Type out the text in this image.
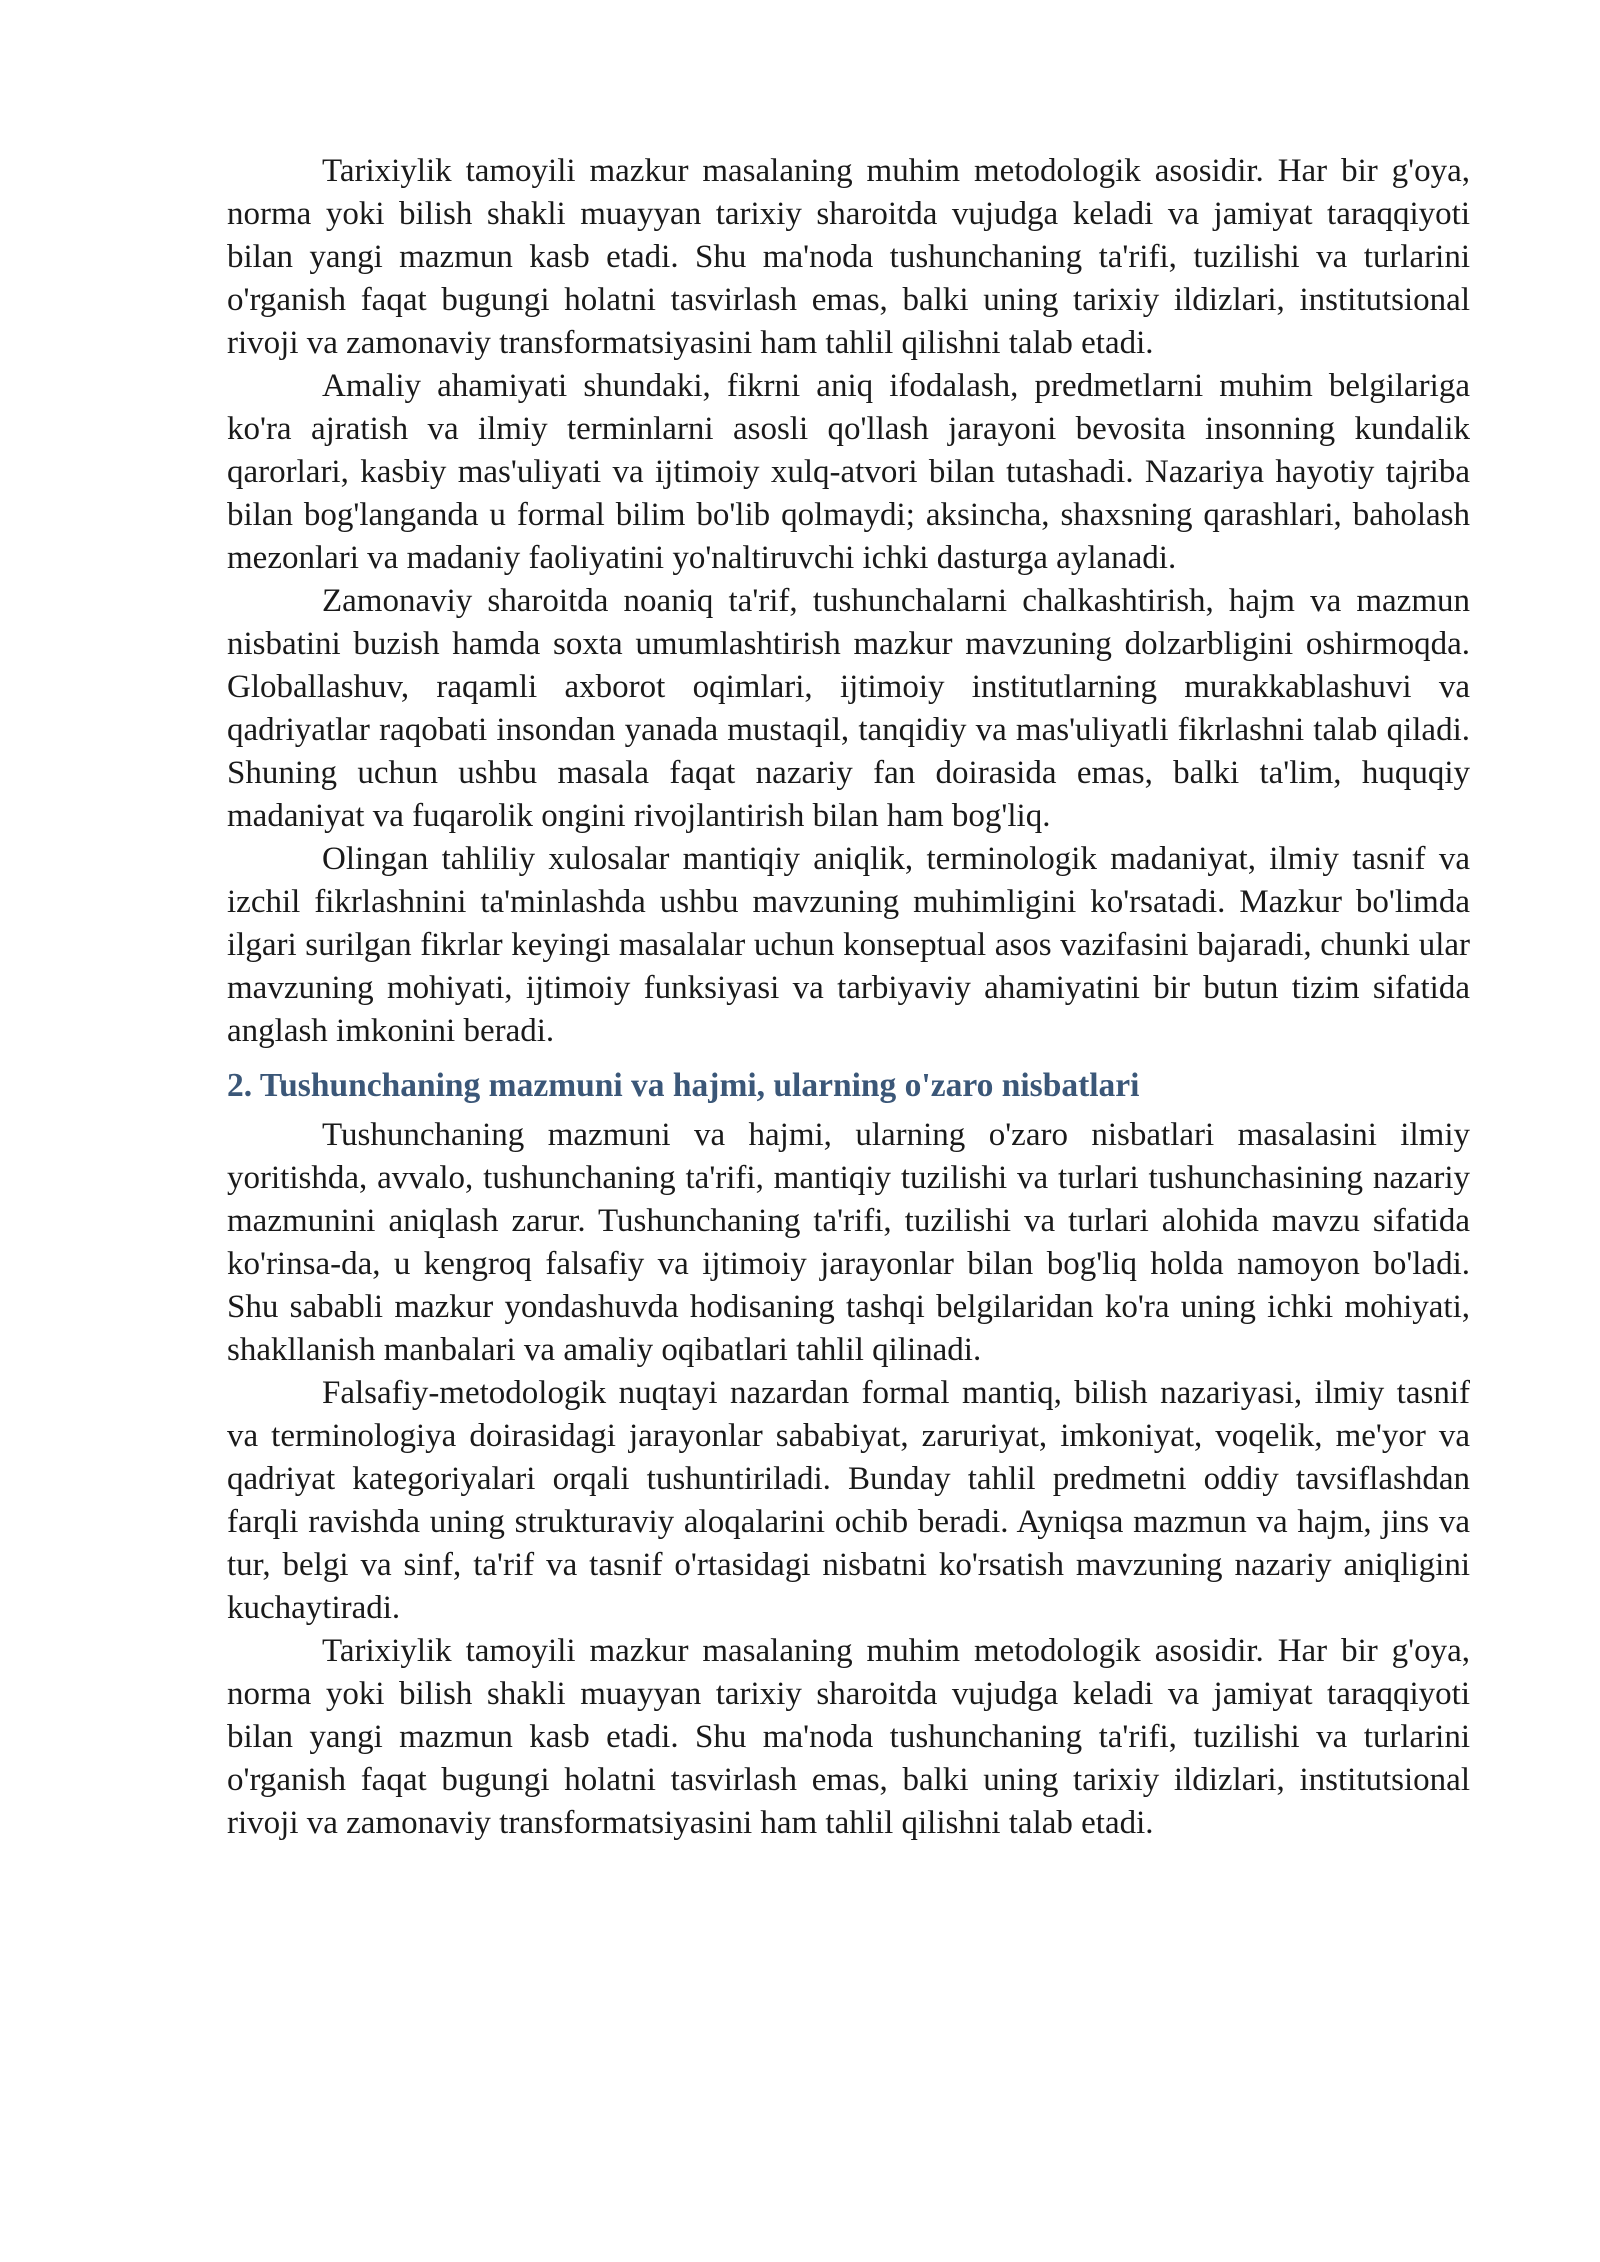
Tarixiylik tamoyili mazkur masalaning muhim metodologik asosidir. Har bir g'oya, norma yoki bilish shakli muayyan tarixiy sharoitda vujudga keladi va jamiyat taraqqiyoti bilan yangi mazmun kasb etadi. Shu ma'noda tushunchaning ta'rifi, tuzilishi va turlarini o'rganish faqat bugungi holatni tasvirlash emas, balki uning tarixiy ildizlari, institutsional rivoji va zamonaviy transformatsiyasini ham tahlil qilishni talab etadi.

Amaliy ahamiyati shundaki, fikrni aniq ifodalash, predmetlarni muhim belgilariga ko'ra ajratish va ilmiy terminlarni asosli qo'llash jarayoni bevosita insonning kundalik qarorlari, kasbiy mas'uliyati va ijtimoiy xulq-atvori bilan tutashadi. Nazariya hayotiy tajriba bilan bog'langanda u formal bilim bo'lib qolmaydi; aksincha, shaxsning qarashlari, baholash mezonlari va madaniy faoliyatini yo'naltiruvchi ichki dasturga aylanadi.

Zamonaviy sharoitda noaniq ta'rif, tushunchalarni chalkashtirish, hajm va mazmun nisbatini buzish hamda soxta umumlashtirish mazkur mavzuning dolzarbligini oshirmoqda. Globallashuv, raqamli axborot oqimlari, ijtimoiy institutlarning murakkablashuvi va qadriyatlar raqobati insondan yanada mustaqil, tanqidiy va mas'uliyatli fikrlashni talab qiladi. Shuning uchun ushbu masala faqat nazariy fan doirasida emas, balki ta'lim, huquqiy madaniyat va fuqarolik ongini rivojlantirish bilan ham bog'liq.

Olingan tahliliy xulosalar mantiqiy aniqlik, terminologik madaniyat, ilmiy tasnif va izchil fikrlashnini ta'minlashda ushbu mavzuning muhimligini ko'rsatadi. Mazkur bo'limda ilgari surilgan fikrlar keyingi masalalar uchun konseptual asos vazifasini bajaradi, chunki ular mavzuning mohiyati, ijtimoiy funksiyasi va tarbiyaviy ahamiyatini bir butun tizim sifatida anglash imkonini beradi.

2. Tushunchaning mazmuni va hajmi, ularning o'zaro nisbatlari

Tushunchaning mazmuni va hajmi, ularning o'zaro nisbatlari masalasini ilmiy yoritishda, avvalo, tushunchaning ta'rifi, mantiqiy tuzilishi va turlari tushunchasining nazariy mazmunini aniqlash zarur. Tushunchaning ta'rifi, tuzilishi va turlari alohida mavzu sifatida ko'rinsa-da, u kengroq falsafiy va ijtimoiy jarayonlar bilan bog'liq holda namoyon bo'ladi. Shu sababli mazkur yondashuvda hodisaning tashqi belgilaridan ko'ra uning ichki mohiyati, shakllanish manbalari va amaliy oqibatlari tahlil qilinadi.

Falsafiy-metodologik nuqtayi nazardan formal mantiq, bilish nazariyasi, ilmiy tasnif va terminologiya doirasidagi jarayonlar sababiyat, zaruriyat, imkoniyat, voqelik, me'yor va qadriyat kategoriyalari orqali tushuntiriladi. Bunday tahlil predmetni oddiy tavsiflashdan farqli ravishda uning strukturaviy aloqalarini ochib beradi. Ayniqsa mazmun va hajm, jins va tur, belgi va sinf, ta'rif va tasnif o'rtasidagi nisbatni ko'rsatish mavzuning nazariy aniqligini kuchaytiradi.

Tarixiylik tamoyili mazkur masalaning muhim metodologik asosidir. Har bir g'oya, norma yoki bilish shakli muayyan tarixiy sharoitda vujudga keladi va jamiyat taraqqiyoti bilan yangi mazmun kasb etadi. Shu ma'noda tushunchaning ta'rifi, tuzilishi va turlarini o'rganish faqat bugungi holatni tasvirlash emas, balki uning tarixiy ildizlari, institutsional rivoji va zamonaviy transformatsiyasini ham tahlil qilishni talab etadi.
